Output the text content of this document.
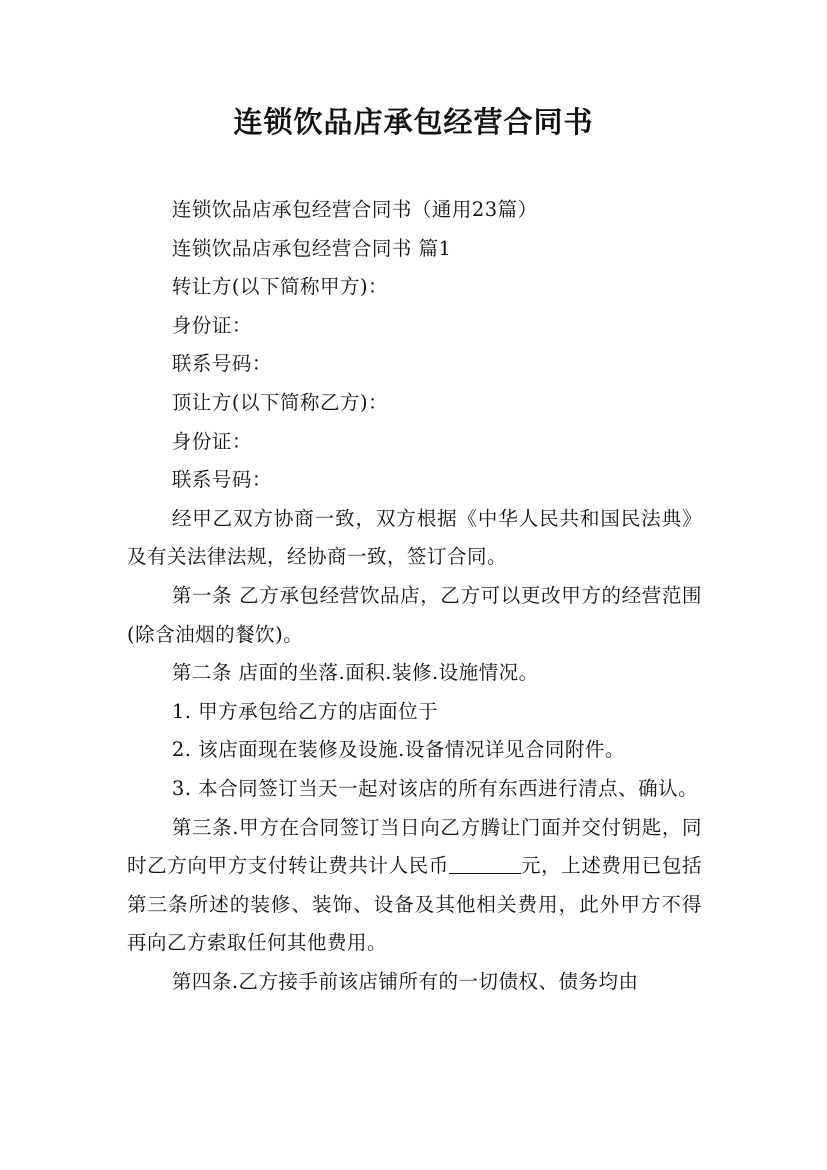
连锁饮品店承包经营合同书

连锁饮品店承包经营合同书（通用23篇）

连锁饮品店承包经营合同书 篇1

转让方(以下简称甲方)：

身份证：

联系号码：

顶让方(以下简称乙方)：

身份证：

联系号码：

经甲乙双方协商一致，双方根据《中华人民共和国民法典》及有关法律法规，经协商一致，签订合同。

第一条 乙方承包经营饮品店，乙方可以更改甲方的经营范围(除含油烟的餐饮)。

第二条 店面的坐落.面积.装修.设施情况。

1. 甲方承包给乙方的店面位于

2. 该店面现在装修及设施.设备情况详见合同附件。

3. 本合同签订当天一起对该店的所有东西进行清点、确认。

第三条.甲方在合同签订当日向乙方腾让门面并交付钥匙，同时乙方向甲方支付转让费共计人民币	元，上述费用已包括第三条所述的装修、装饰、设备及其他相关费用，此外甲方不得再向乙方索取任何其他费用。

第四条.乙方接手前该店铺所有的一切债权、债务均由
